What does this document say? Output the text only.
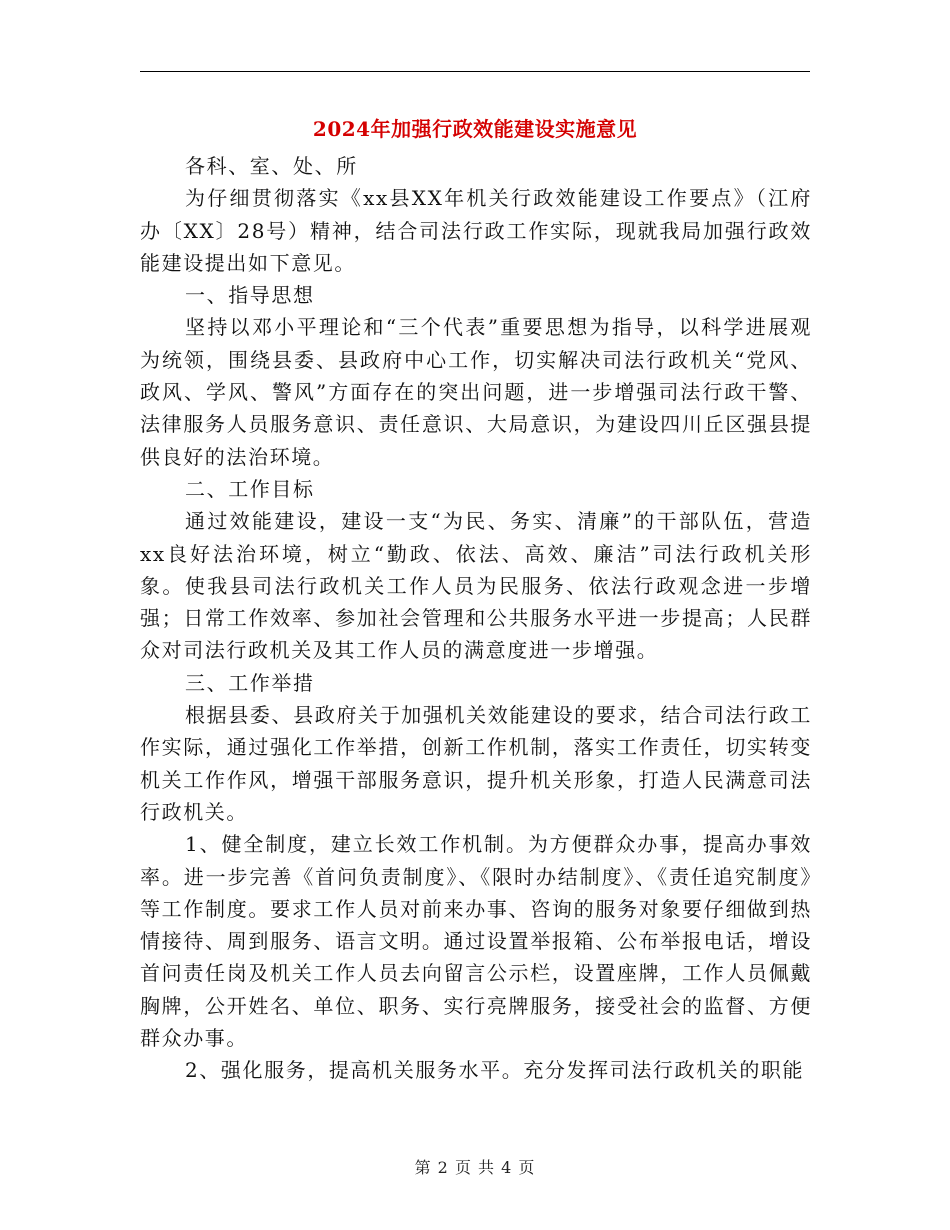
2024年加强行政效能建设实施意见

各科、室、处、所

为仔细贯彻落实《xx县XX年机关行政效能建设工作要点》（江府办〔XX〕28号）精神，结合司法行政工作实际，现就我局加强行政效能建设提出如下意见。

一、指导思想

坚持以邓小平理论和“三个代表”重要思想为指导，以科学进展观为统领，围绕县委、县政府中心工作，切实解决司法行政机关“党风、政风、学风、警风”方面存在的突出问题，进一步增强司法行政干警、法律服务人员服务意识、责任意识、大局意识，为建设四川丘区强县提供良好的法治环境。

二、工作目标

通过效能建设，建设一支“为民、务实、清廉”的干部队伍，营造xx良好法治环境，树立“勤政、依法、高效、廉洁”司法行政机关形象。使我县司法行政机关工作人员为民服务、依法行政观念进一步增强；日常工作效率、参加社会管理和公共服务水平进一步提高；人民群众对司法行政机关及其工作人员的满意度进一步增强。

三、工作举措

根据县委、县政府关于加强机关效能建设的要求，结合司法行政工作实际，通过强化工作举措，创新工作机制，落实工作责任，切实转变机关工作作风，增强干部服务意识，提升机关形象，打造人民满意司法行政机关。

1、健全制度，建立长效工作机制。为方便群众办事，提高办事效率。进一步完善《首问负责制度》、《限时办结制度》、《责任追究制度》等工作制度。要求工作人员对前来办事、咨询的服务对象要仔细做到热情接待、周到服务、语言文明。通过设置举报箱、公布举报电话，增设首问责任岗及机关工作人员去向留言公示栏，设置座牌，工作人员佩戴胸牌，公开姓名、单位、职务、实行亮牌服务，接受社会的监督、方便群众办事。

2、强化服务，提高机关服务水平。充分发挥司法行政机关的职能

第 2 页 共 4 页
